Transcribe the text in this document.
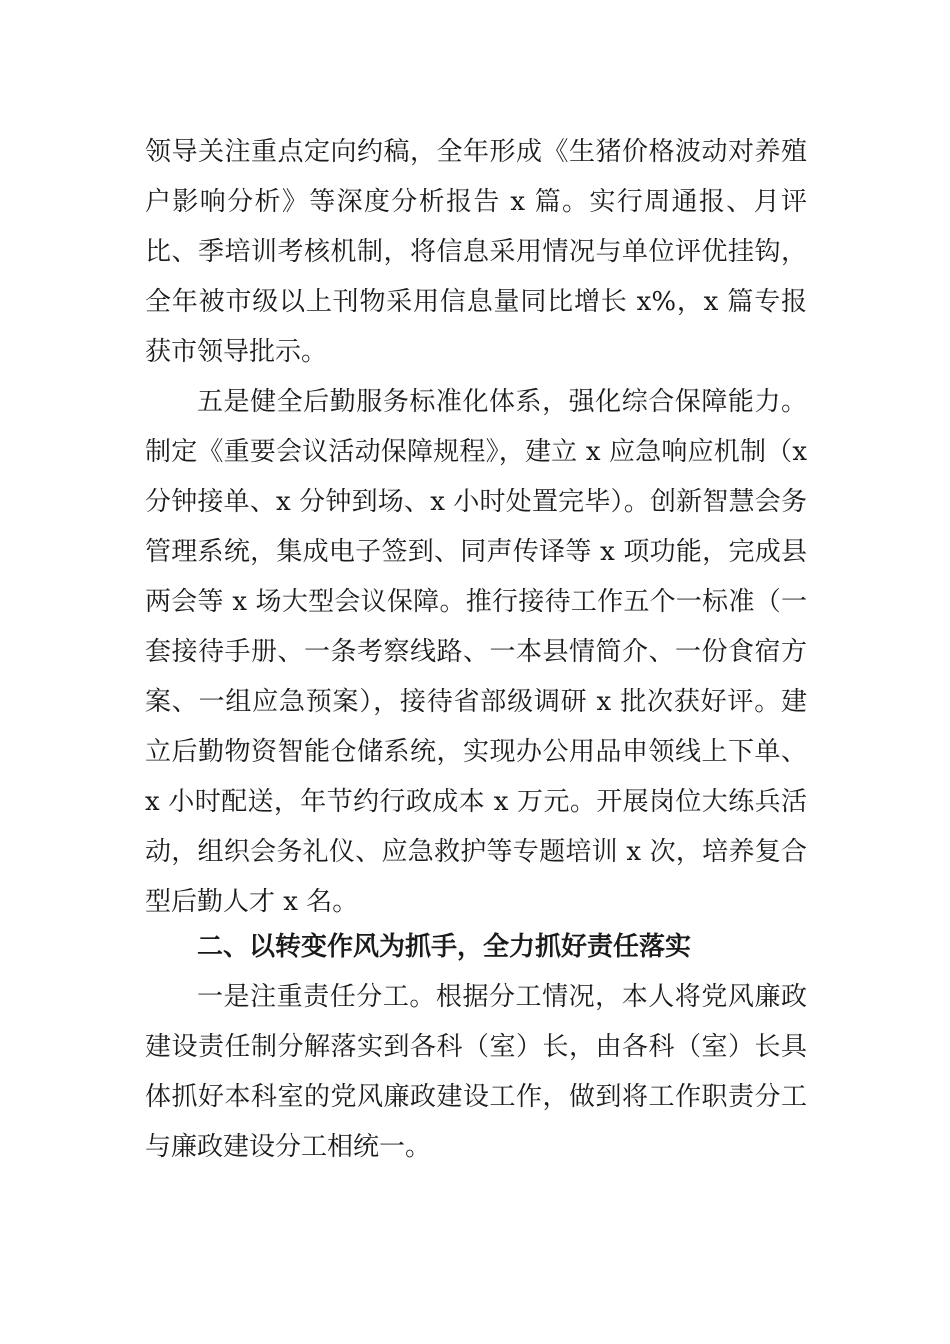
领导关注重点定向约稿，全年形成《生猪价格波动对养殖户影响分析》等深度分析报告 x 篇。实行周通报、月评比、季培训考核机制，将信息采用情况与单位评优挂钩，全年被市级以上刊物采用信息量同比增长 x%，x 篇专报获市领导批示。

五是健全后勤服务标准化体系，强化综合保障能力。制定《重要会议活动保障规程》，建立 x 应急响应机制（x 分钟接单、x 分钟到场、x 小时处置完毕）。创新智慧会务管理系统，集成电子签到、同声传译等 x 项功能，完成县两会等 x 场大型会议保障。推行接待工作五个一标准（一套接待手册、一条考察线路、一本县情简介、一份食宿方案、一组应急预案），接待省部级调研 x 批次获好评。建立后勤物资智能仓储系统，实现办公用品申领线上下单、x 小时配送，年节约行政成本 x 万元。开展岗位大练兵活动，组织会务礼仪、应急救护等专题培训 x 次，培养复合型后勤人才 x 名。

二、以转变作风为抓手，全力抓好责任落实

一是注重责任分工。根据分工情况，本人将党风廉政建设责任制分解落实到各科（室）长，由各科（室）长具体抓好本科室的党风廉政建设工作，做到将工作职责分工与廉政建设分工相统一。
